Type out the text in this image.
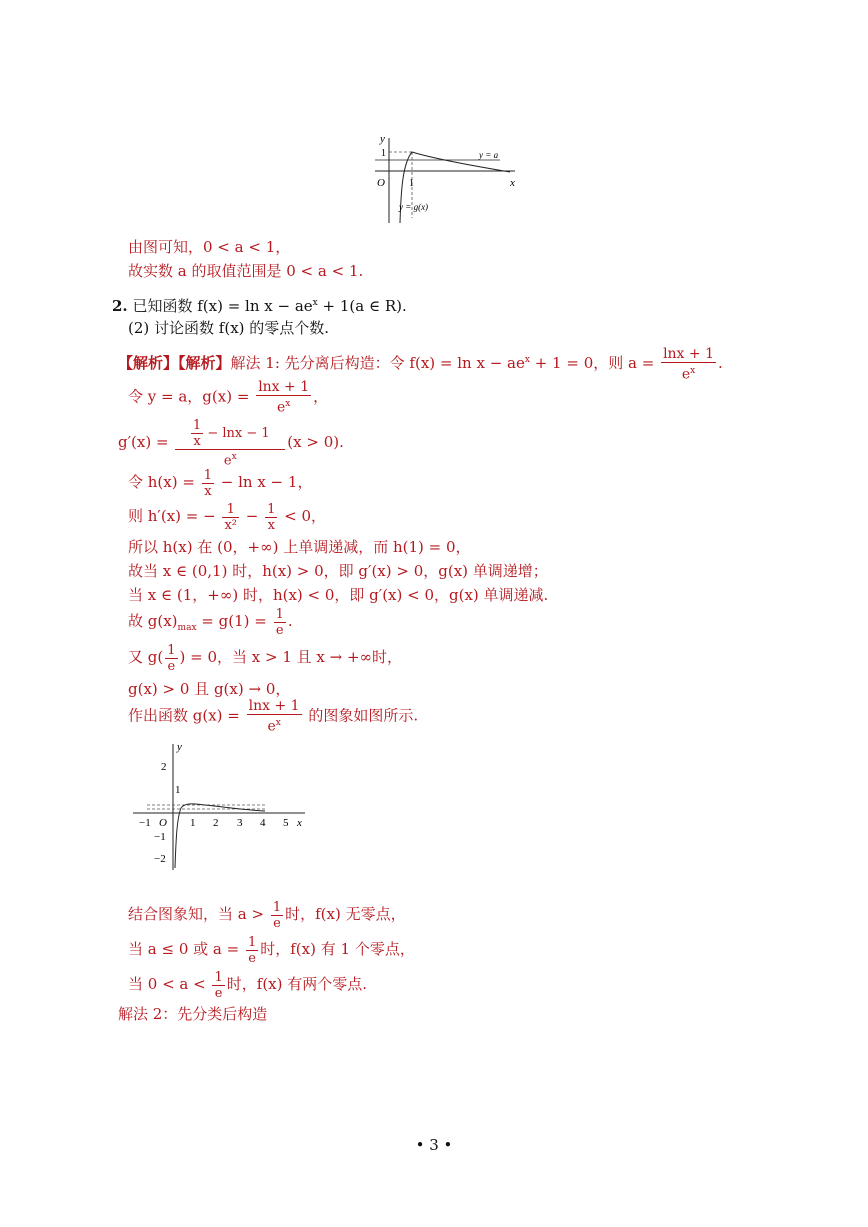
y
1
O 1	x
y = a
y = g(x)
由图可知，0 < a < 1，
故实数 a 的取值范围是 0 < a < 1.
2. 已知函数 $f(x) = \ln x - ae^x + 1(a$ ∈ R).
(2) 讨论函数 f(x) 的零点个数.
【解析】【解析】解法 1: 先分离后构造：令 $f(x) = \ln x - ae^x + 1 = 0$，则 $a = \frac{\ln x + 1}{e^x}$ .
令 y = a，$g(x) = \frac{\ln x + 1}{e^x}$ ，
$g'(x) = \frac{\frac{1}{x} - \ln x - 1}{e^x} (x > 0)$.
令 $h(x) = \frac{1}{x} - \ln x - 1$，
则 h′(x) = − $\frac{1}{\text{x²}} - \frac{1}{x} < 0$，
所以 h(x) 在 (0，+∞) 上单调递减，而 h(1) = 0，
故当 x ∈ (0,1) 时，h(x) > 0，即 g′(x) > 0，g(x) 单调递增；
当 x ∈ (1，+∞) 时，h(x) < 0，即 g′(x) < 0，g(x) 单调递减.
故 $g(x)_{max} = g(1) = \frac{1}{e}$ .
又 $g( \frac{1}{e}$ ) = 0，当 x > 1 且 x → +∞时，
g(x) > 0 且 g(x) → 0，
作出函数 $g(x) = \frac{\ln x + 1}{e^x}$ 的图象如图所示.
y
2
1
−1
−2
−1 O 1 2 3 4 5 x
结合图象知，当 $a > \frac{1}{e}$ 时，f(x) 无零点，
当 a ≤ 0 或 $a = \frac{1}{e}$ 时，f(x) 有 1 个零点，
当 $0 < a < \frac{1}{e}$ 时，f(x) 有两个零点.
解法 2：先分类后构造
• 3 •
